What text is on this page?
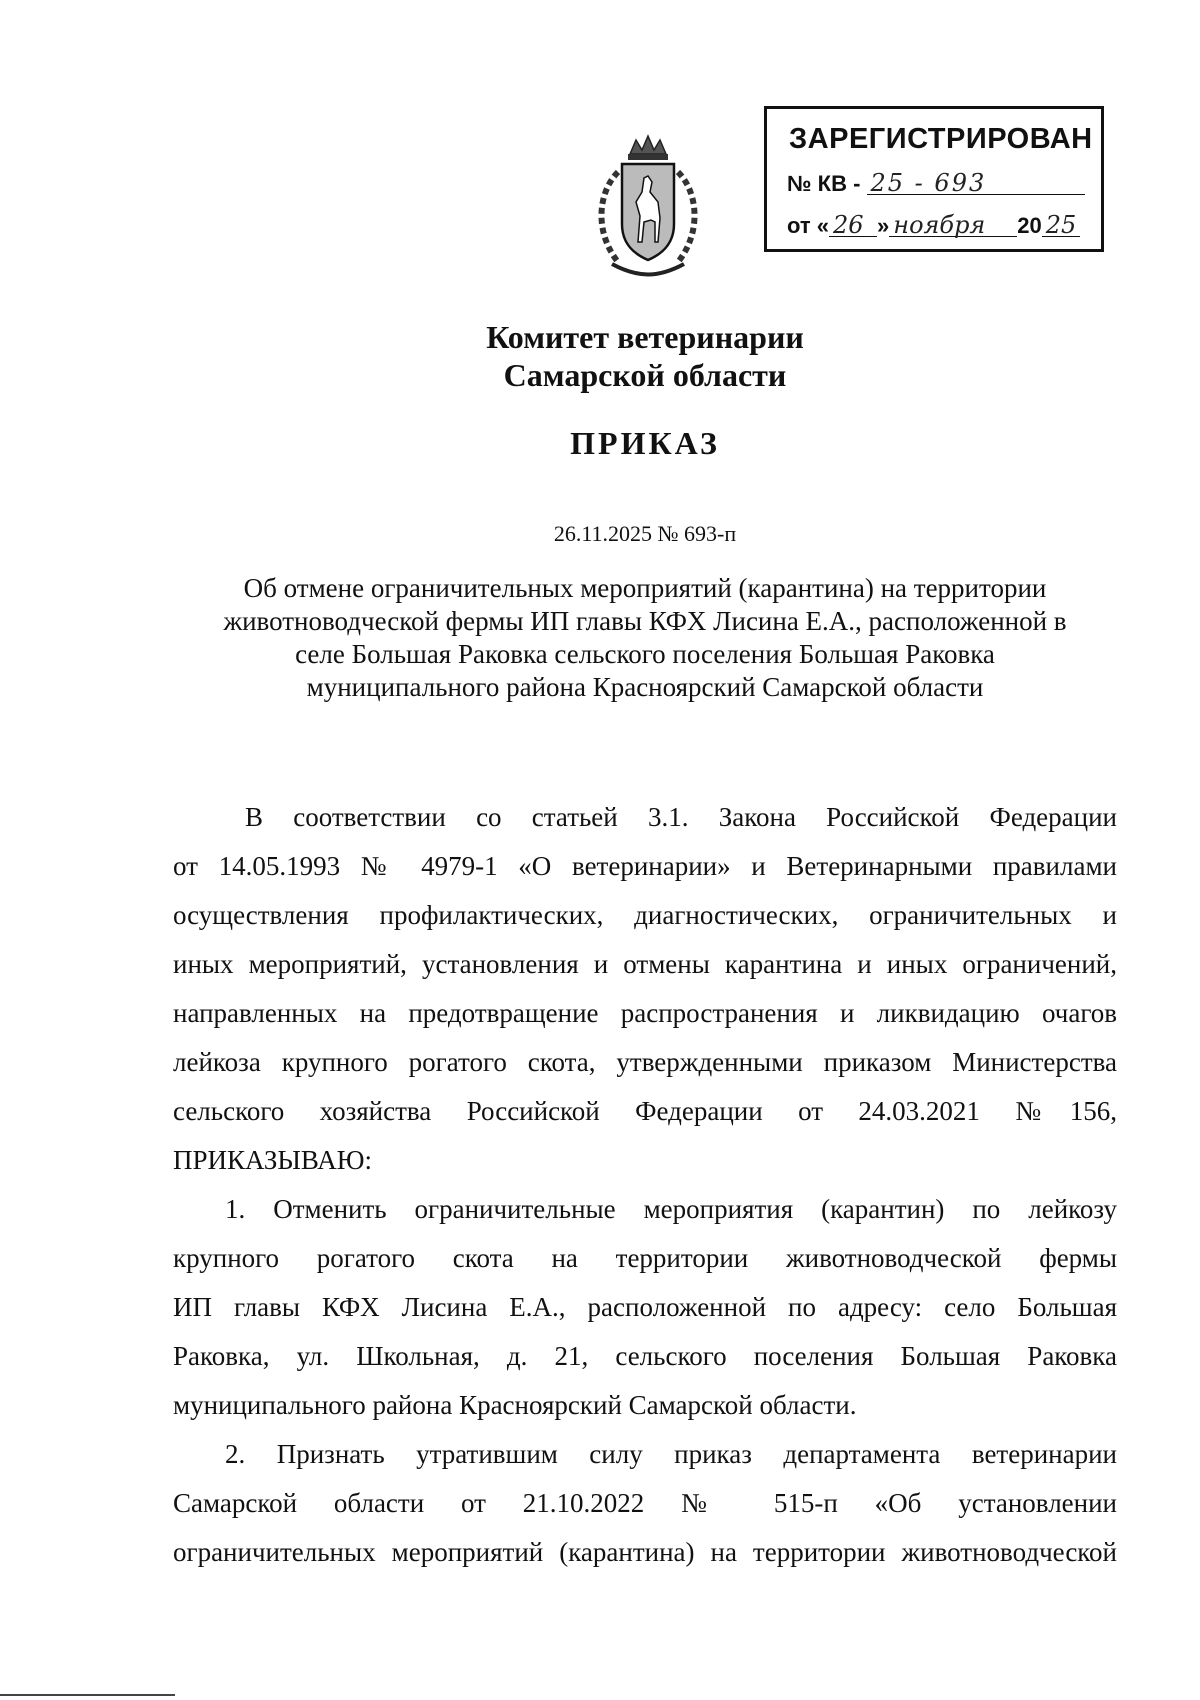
ЗАРЕГИСТРИРОВАН
№ КВ - 25 - 693
от « 26 » ноября 20 25
Комитет ветеринарии
Самарской области
ПРИКАЗ
26.11.2025 № 693-п
Об отмене ограничительных мероприятий (карантина) на территории
животноводческой фермы ИП главы КФХ Лисина Е.А., расположенной в
селе Большая Раковка сельского поселения Большая Раковка
муниципального района Красноярский Самарской области
В соответствии со статьей 3.1. Закона Российской Федерации
от 14.05.1993 № 4979-1 «О ветеринарии» и Ветеринарными правилами
осуществления профилактических, диагностических, ограничительных и
иных мероприятий, установления и отмены карантина и иных ограничений,
направленных на предотвращение распространения и ликвидацию очагов
лейкоза крупного рогатого скота, утвержденными приказом Министерства
сельского хозяйства Российской Федерации от 24.03.2021 №156,
ПРИКАЗЫВАЮ:
1. Отменить ограничительные мероприятия (карантин) по лейкозу
крупного рогатого скота на территории животноводческой фермы
ИП главы КФХ Лисина Е.А., расположенной по адресу: село Большая
Раковка, ул. Школьная, д. 21, сельского поселения Большая Раковка
муниципального района Красноярский Самарской области.
2. Признать утратившим силу приказ департамента ветеринарии
Самарской области от 21.10.2022 № 515-п «Об установлении
ограничительных мероприятий (карантина) на территории животноводческой
